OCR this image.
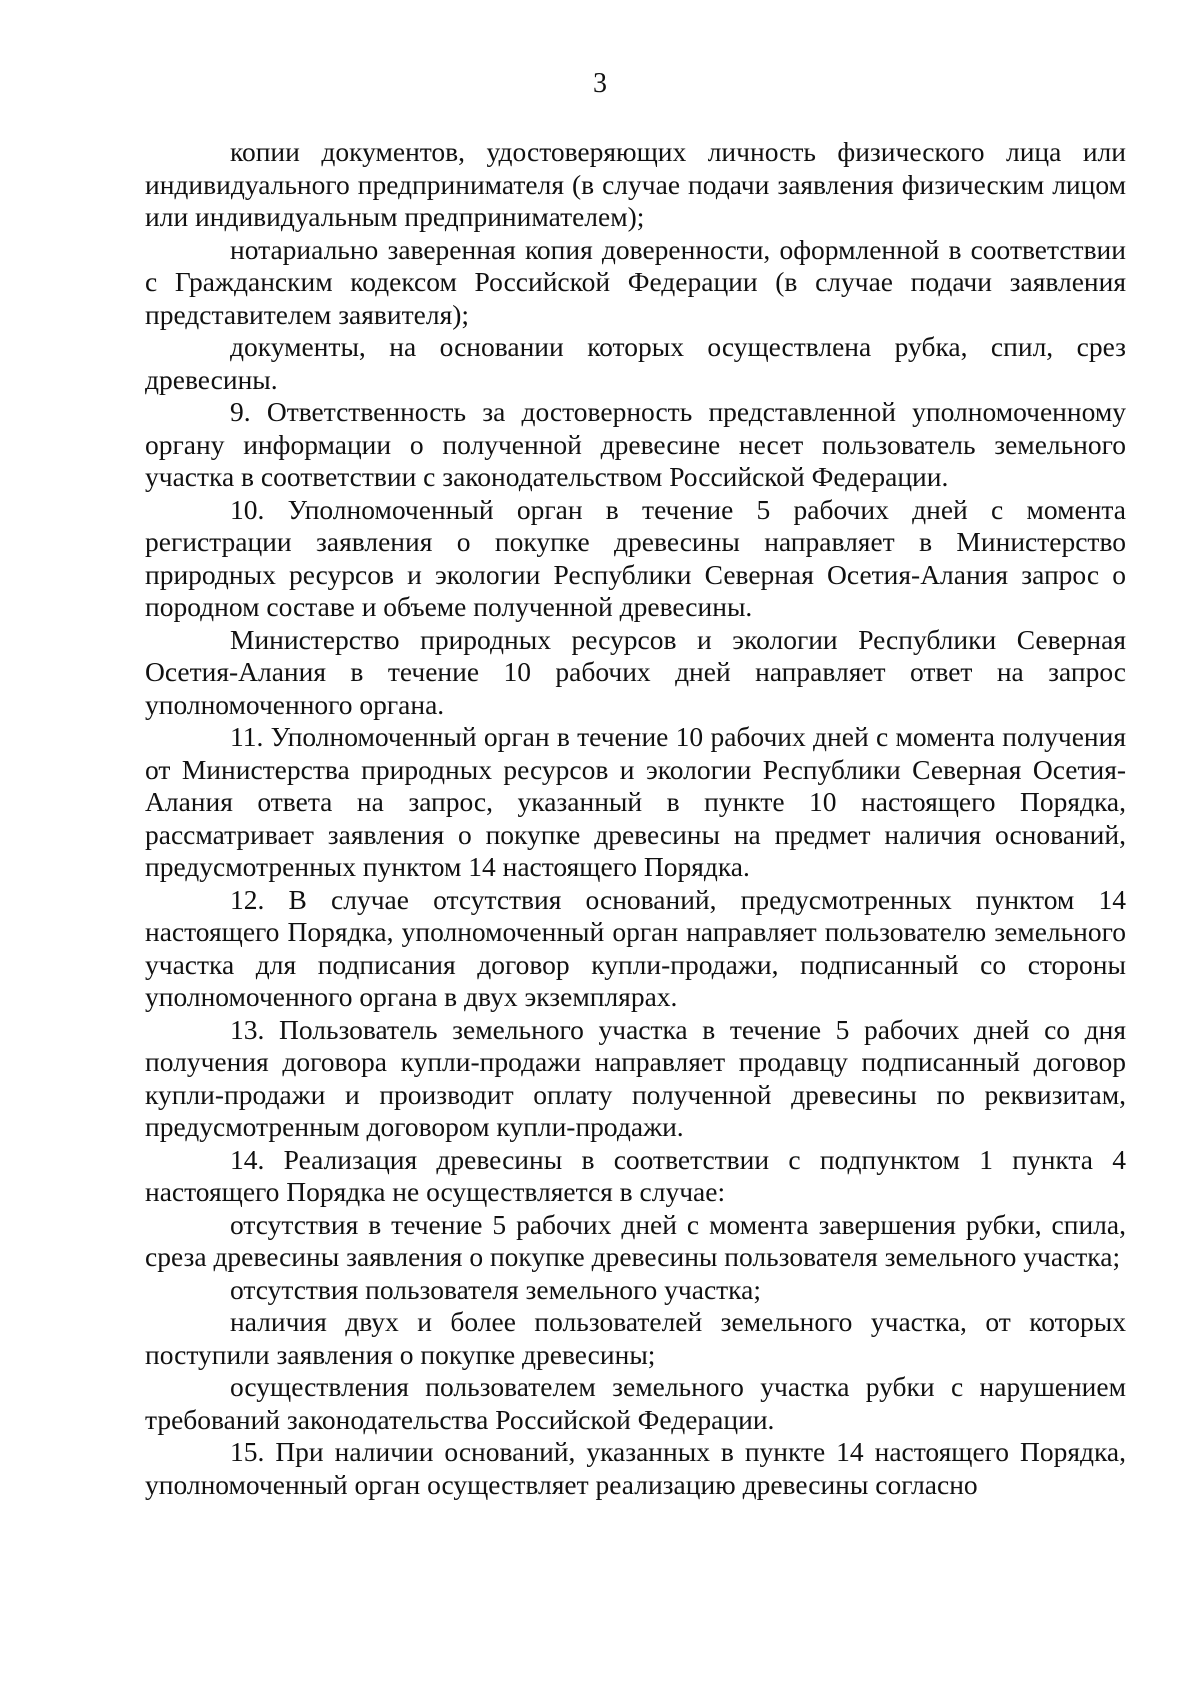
3

копии документов, удостоверяющих личность физического лица или индивидуального предпринимателя (в случае подачи заявления физическим лицом или индивидуальным предпринимателем);

нотариально заверенная копия доверенности, оформленной в соответствии с Гражданским кодексом Российской Федерации (в случае подачи заявления представителем заявителя);

документы, на основании которых осуществлена рубка, спил, срез древесины.

9. Ответственность за достоверность представленной уполномоченному органу информации о полученной древесине несет пользователь земельного участка в соответствии с законодательством Российской Федерации.

10. Уполномоченный орган в течение 5 рабочих дней с момента регистрации заявления о покупке древесины направляет в Министерство природных ресурсов и экологии Республики Северная Осетия-Алания запрос о породном составе и объеме полученной древесины.

Министерство природных ресурсов и экологии Республики Северная Осетия-Алания в течение 10 рабочих дней направляет ответ на запрос уполномоченного органа.

11. Уполномоченный орган в течение 10 рабочих дней с момента получения от Министерства природных ресурсов и экологии Республики Северная Осетия-Алания ответа на запрос, указанный в пункте 10 настоящего Порядка, рассматривает заявления о покупке древесины на предмет наличия оснований, предусмотренных пунктом 14 настоящего Порядка.

12. В случае отсутствия оснований, предусмотренных пунктом 14 настоящего Порядка, уполномоченный орган направляет пользователю земельного участка для подписания договор купли-продажи, подписанный со стороны уполномоченного органа в двух экземплярах.

13. Пользователь земельного участка в течение 5 рабочих дней со дня получения договора купли-продажи направляет продавцу подписанный договор купли-продажи и производит оплату полученной древесины по реквизитам, предусмотренным договором купли-продажи.

14. Реализация древесины в соответствии с подпунктом 1 пункта 4 настоящего Порядка не осуществляется в случае:

отсутствия в течение 5 рабочих дней с момента завершения рубки, спила, среза древесины заявления о покупке древесины пользователя земельного участка;

отсутствия пользователя земельного участка;

наличия двух и более пользователей земельного участка, от которых поступили заявления о покупке древесины;

осуществления пользователем земельного участка рубки с нарушением требований законодательства Российской Федерации.

15. При наличии оснований, указанных в пункте 14 настоящего Порядка, уполномоченный орган осуществляет реализацию древесины согласно
